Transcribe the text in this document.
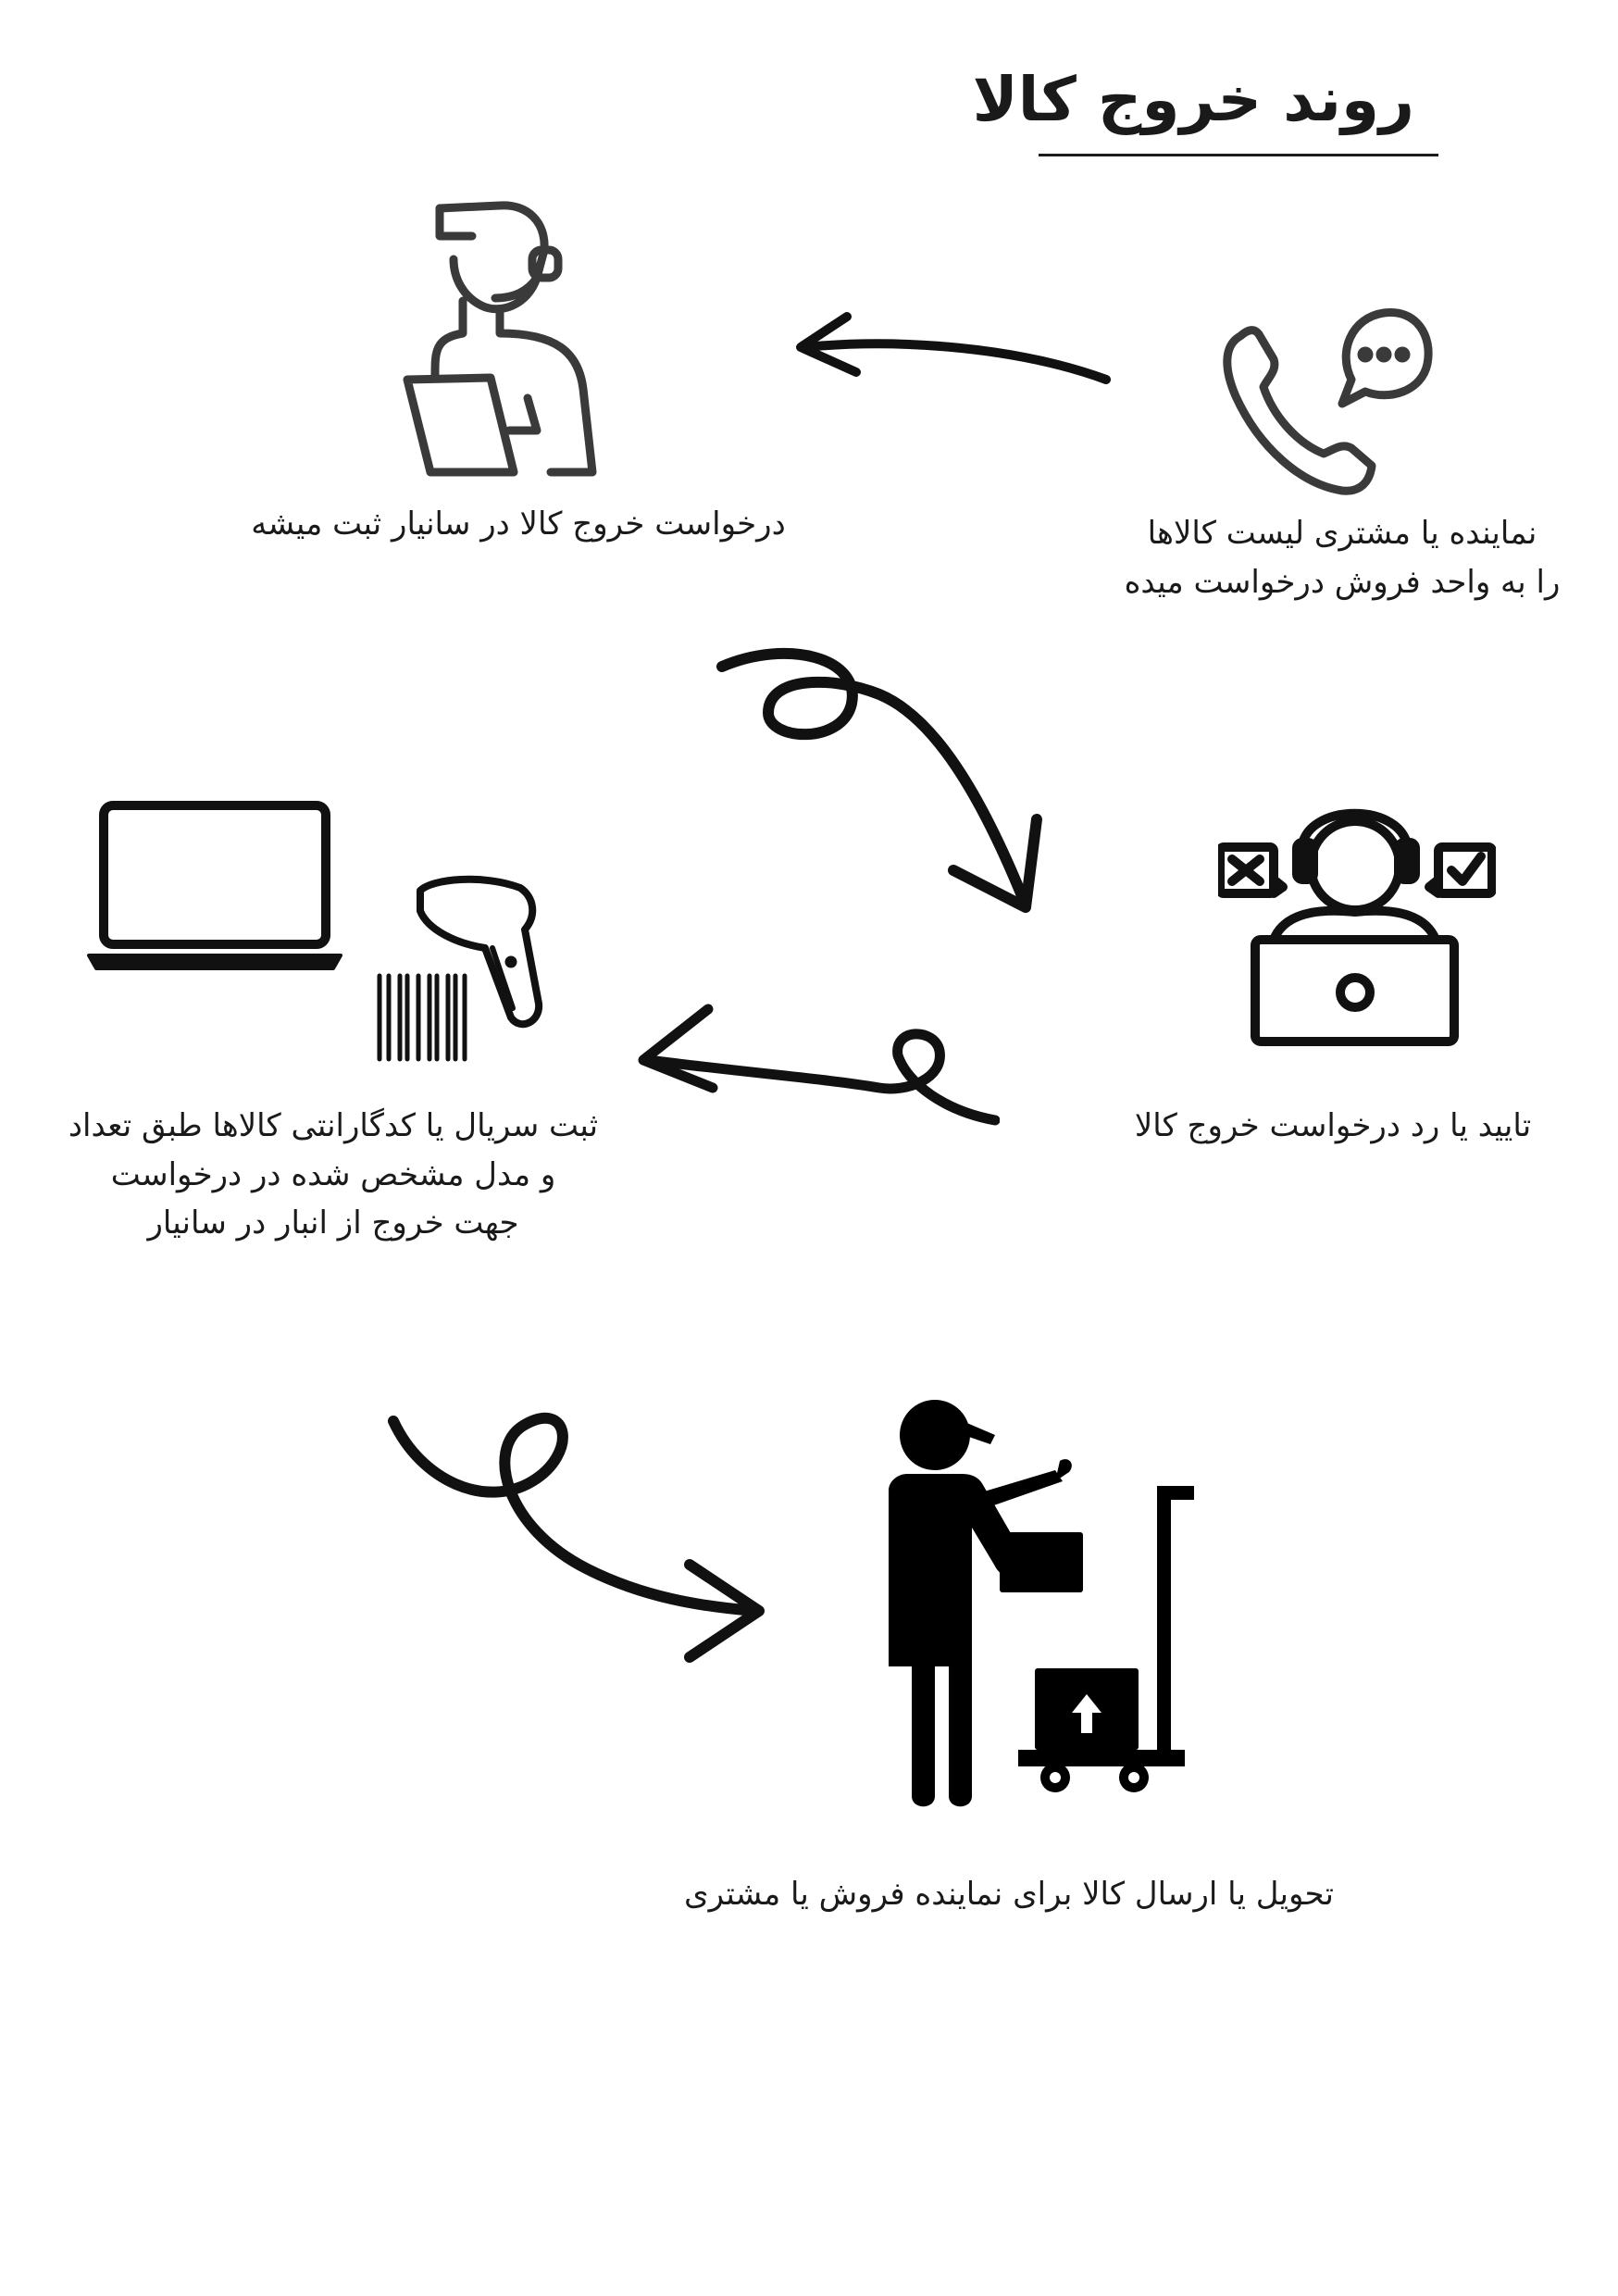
روند خروج کالا
نماینده یا مشتری لیست کالاها
را به واحد فروش درخواست میده
درخواست خروج کالا در سانیار ثبت میشه
تایید یا رد درخواست خروج کالا
ثبت سریال یا کدگارانتی کالاها طبق تعداد
و مدل مشخص شده در درخواست
جهت خروج از انبار در سانیار
تحویل یا ارسال کالا برای نماینده فروش یا مشتری
